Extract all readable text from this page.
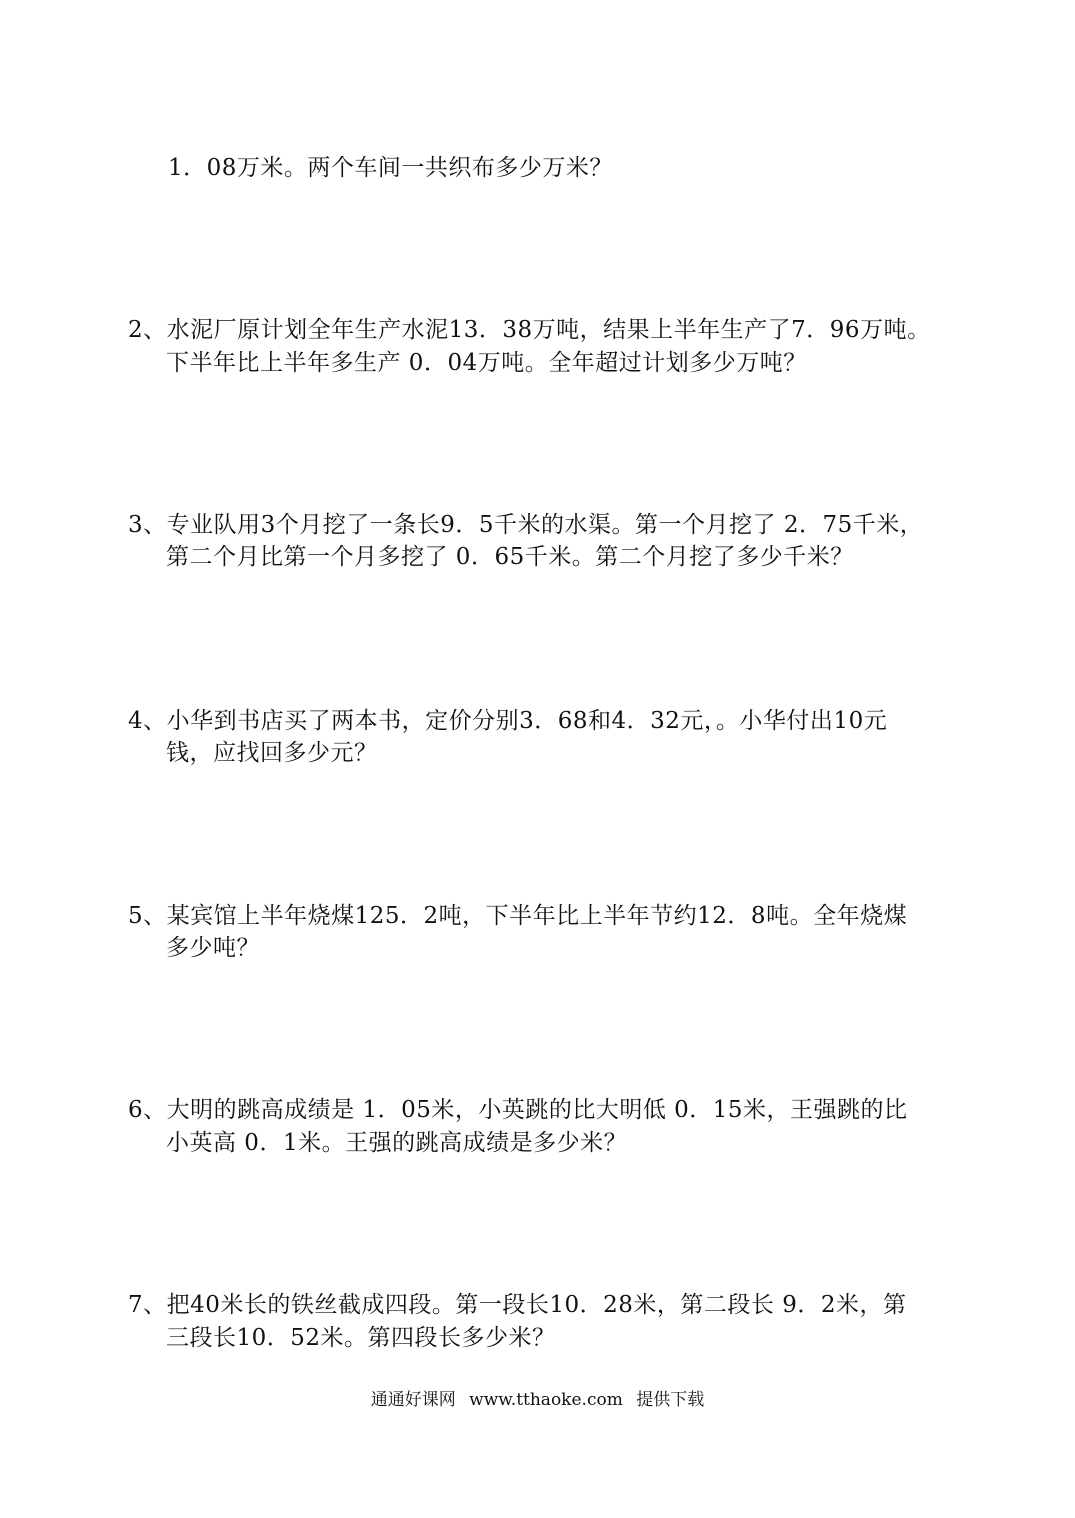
1．08万米。两个车间一共织布多少万米？
2、水泥厂原计划全年生产水泥13．38万吨，结果上半年生产了7．96万吨。
下半年比上半年多生产 0．04万吨。全年超过计划多少万吨？
3、专业队用3个月挖了一条长9．5千米的水渠。第一个月挖了 2．75千米，
第二个月比第一个月多挖了 0．65千米。第二个月挖了多少千米？
4、小华到书店买了两本书，定价分别3．68和4．32元，。小华付出10元
钱，应找回多少元？
5、某宾馆上半年烧煤125．2吨，下半年比上半年节约12．8吨。全年烧煤
多少吨？
6、大明的跳高成绩是 1．05米，小英跳的比大明低 0．15米，王强跳的比
小英高 0．1米。王强的跳高成绩是多少米？
7、把40米长的铁丝截成四段。第一段长10．28米，第二段长 9．2米，第
三段长10．52米。第四段长多少米？
通通好课网 www.tthaoke.com 提供下载
